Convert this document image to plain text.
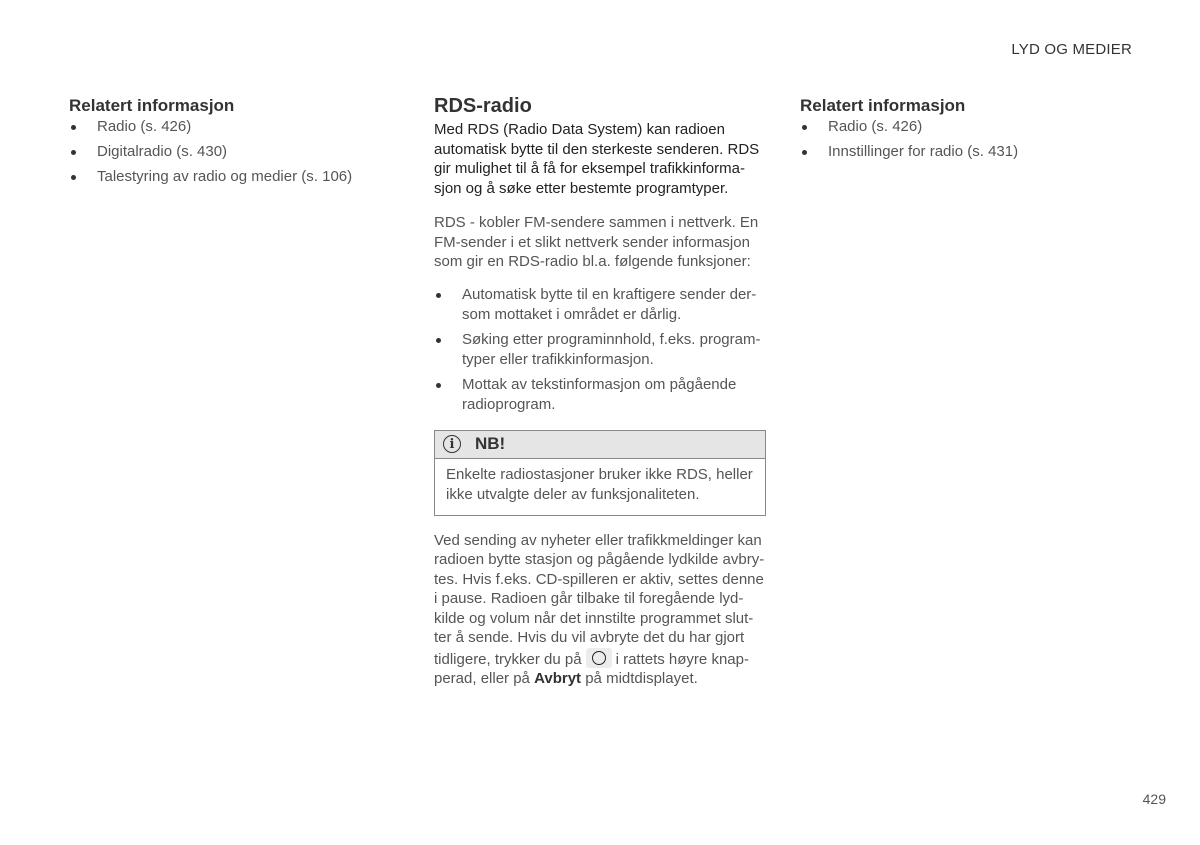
LYD OG MEDIER
Relatert informasjon
Radio (s. 426)
Digitalradio (s. 430)
Talestyring av radio og medier (s. 106)
RDS-radio

Med RDS (Radio Data System) kan radioen automatisk bytte til den sterkeste senderen. RDS gir mulighet til å få for eksempel trafikkinforma-sjon og å søke etter bestemte programtyper.

RDS - kobler FM-sendere sammen i nettverk. En FM-sender i et slikt nettverk sender informasjon som gir en RDS-radio bl.a. følgende funksjoner:

Automatisk bytte til en kraftigere sender der-som mottaket i området er dårlig.
Søking etter programinnhold, f.eks. program-typer eller trafikkinformasjon.
Mottak av tekstinformasjon om pågående radioprogram.
i	NB!
Enkelte radiostasjoner bruker ikke RDS, heller ikke utvalgte deler av funksjonaliteten.

Ved sending av nyheter eller trafikkmeldinger kan radioen bytte stasjon og pågående lydkilde avbry-tes. Hvis f.eks. CD-spilleren er aktiv, settes denne i pause. Radioen går tilbake til foregående lyd-kilde og volum når det innstilte programmet slut-ter å sende. Hvis du vil avbryte det du har gjort tidligere, trykker du på i rattets høyre knap-perad, eller på Avbryt på midtdisplayet.

Relatert informasjon
Radio (s. 426)
Innstillinger for radio (s. 431)
429
